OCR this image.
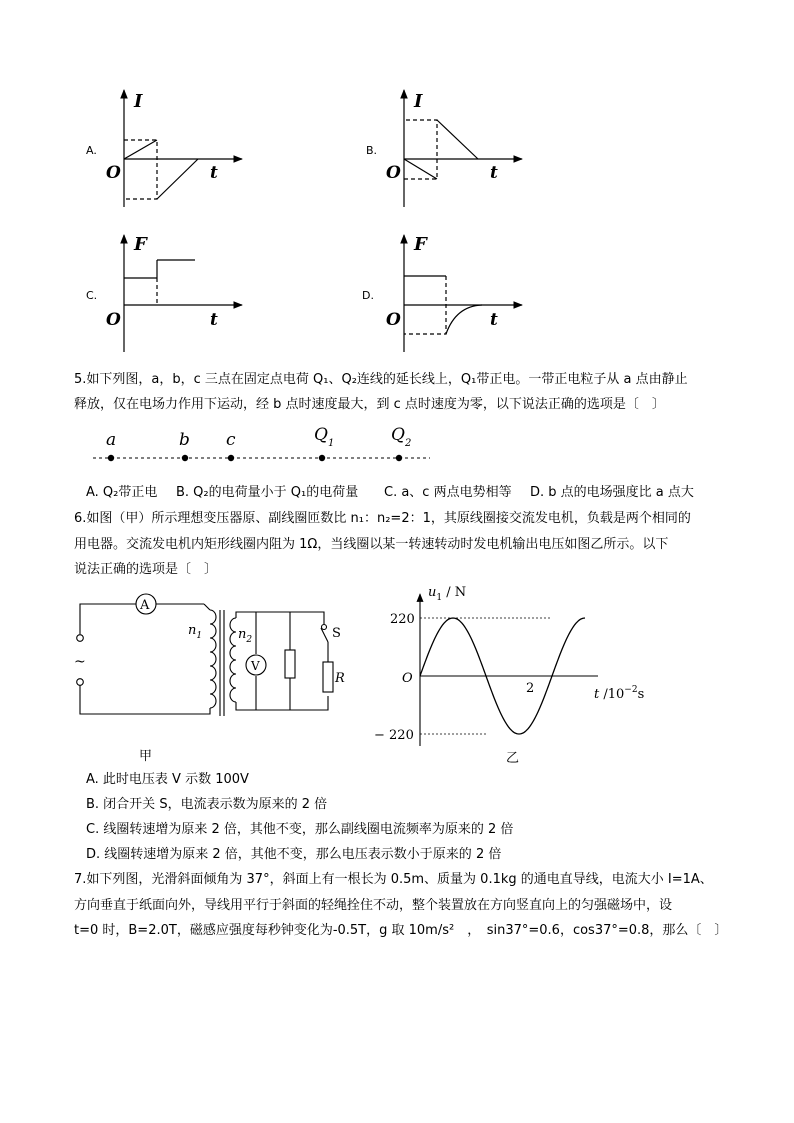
A.
I
O	t
B.
I
O	t
C.
F
O	t
D.
F
O	t
5.如下列图，a，b，c 三点在固定点电荷 Q₁、Q₂连线的延长线上，Q₁带正电。一带正电粒子从 a 点由静止
释放，仅在电场力作用下运动，经 b 点时速度最大，到 c 点时速度为零，以下说法正确的选项是〔　〕
a	b c	$Q_1$	$Q_2$
A. Q₂带正电 B. Q₂的电荷量小于 Q₁的电荷量 C. a、c 两点电势相等 D. b 点的电场强度比 a 点大
6.如图（甲）所示理想变压器原、副线圈匝数比 n₁：n₂=2：1，其原线圈接交流发电机，负载是两个相同的
用电器。交流发电机内矩形线圈内阻为 1Ω，当线圈以某一转速转动时发电机输出电压如图乙所示。以下
说法正确的选项是〔　〕
A
~
$n_1$	$n_2$
V
S
R
甲
$u_1$ / N
220
− 220
O
2	t $/10^{-2}s$
乙
A. 此时电压表 V 示数 100V
B. 闭合开关 S，电流表示数为原来的 2 倍
C. 线圈转速增为原来 2 倍，其他不变，那么副线圈电流频率为原来的 2 倍
D. 线圈转速增为原来 2 倍，其他不变，那么电压表示数小于原来的 2 倍
7.如下列图，光滑斜面倾角为 37°，斜面上有一根长为 0.5m、质量为 0.1kg 的通电直导线，电流大小 I=1A、
方向垂直于纸面向外，导线用平行于斜面的轻绳拴住不动，整个装置放在方向竖直向上的匀强磁场中，设
t=0 时，B=2.0T，磁感应强度每秒钟变化为-0.5T，g 取 10m/s²　，　sin37°=0.6，cos37°=0.8，那么〔　〕
